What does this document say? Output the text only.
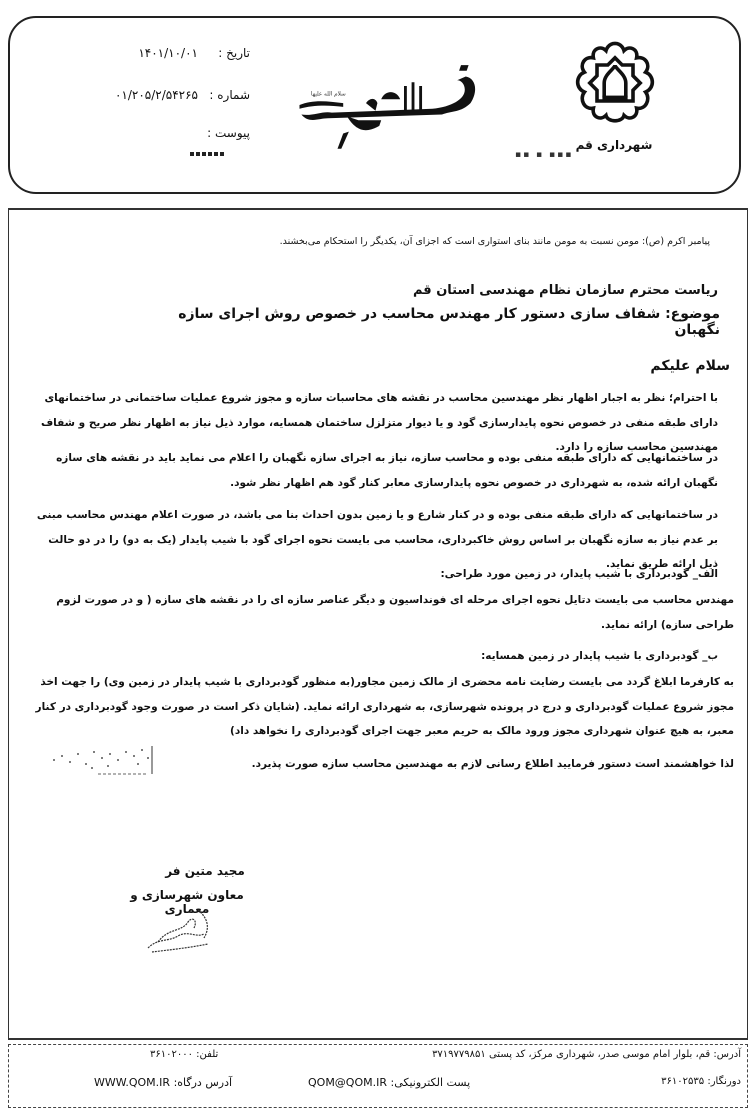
شهرداری قم
▪▪ ▪ ▪▪▪
سلام الله علیها
تاریخ :
۱۴۰۱/۱۰/۰۱
شماره :
۰۱/۲۰۵/۲/۵۴۲۶۵
پیوست :
پیامبر اکرم (ص): مومن نسبت به مومن مانند بنای استواری است که اجزای آن، یکدیگر را استحکام می‌بخشند.
ریاست محترم سازمان نظام مهندسی استان قم
موضوع: شفاف سازی دستور کار مهندس محاسب در خصوص روش اجرای سازه نگهبان
سلام علیکم

با احترام؛ نظر به اجبار اظهار نظر مهندسین محاسب در نقشه های محاسبات سازه و مجوز شروع عملیات ساختمانی در ساختمانهای دارای طبقه منفی در خصوص نحوه پایدارسازی گود و یا دیوار متزلزل ساختمان همسایه، موارد ذیل نیاز به اظهار نظر صریح و شفاف مهندسین محاسب سازه را دارد.

در ساختمانهایی که دارای طبقه منفی بوده و محاسب سازه، نیاز به اجرای سازه نگهبان را اعلام می نماید باید در نقشه های سازه نگهبان ارائه شده، به شهرداری در خصوص نحوه پایدارسازی معابر کنار گود هم اظهار نظر شود.

در ساختمانهایی که دارای طبقه منفی بوده و در کنار شارع و یا زمین بدون احداث بنا می باشد، در صورت اعلام مهندس محاسب مبنی بر عدم نیاز به سازه نگهبان بر اساس روش خاکبرداری، محاسب می بایست نحوه اجرای گود با شیب پایدار (یک به دو) را در دو حالت ذیل ارائه طریق نماید.

الف_ گودبرداری با شیب پایدار، در زمین مورد طراحی:

مهندس محاسب می بایست دتایل نحوه اجرای مرحله ای فونداسیون و دیگر عناصر سازه ای را در نقشه های سازه ( و در صورت لزوم طراحی سازه) ارائه نماید.

ب_ گودبرداری با شیب پایدار در زمین همسایه:

به کارفرما ابلاغ گردد می بایست رضایت نامه محضری از مالک زمین مجاور(به منظور گودبرداری با شیب پایدار در زمین وی) را جهت اخذ مجوز شروع عملیات گودبرداری و درج در پرونده شهرسازی، به شهرداری ارائه نماید. (شایان ذکر است در صورت وجود گودبرداری در کنار معبر، به هیچ عنوان شهرداری مجوز ورود مالک به حریم معبر جهت اجرای گودبرداری را نخواهد داد)

لذا خواهشمند است دستور فرمایید اطلاع رسانی لازم به مهندسین محاسب سازه صورت پذیرد.

مجید متین فر
معاون شهرسازی و معماری
آدرس: قم، بلوار امام موسی صدر، شهرداری مرکز، کد پستی ۳۷۱۹۷۷۹۸۵۱
تلفن: ۳۶۱۰۲۰۰۰
دورنگار: ۳۶۱۰۲۵۳۵
پست الکترونیکی: QOM@QOM.IR
آدرس درگاه: WWW.QOM.IR
